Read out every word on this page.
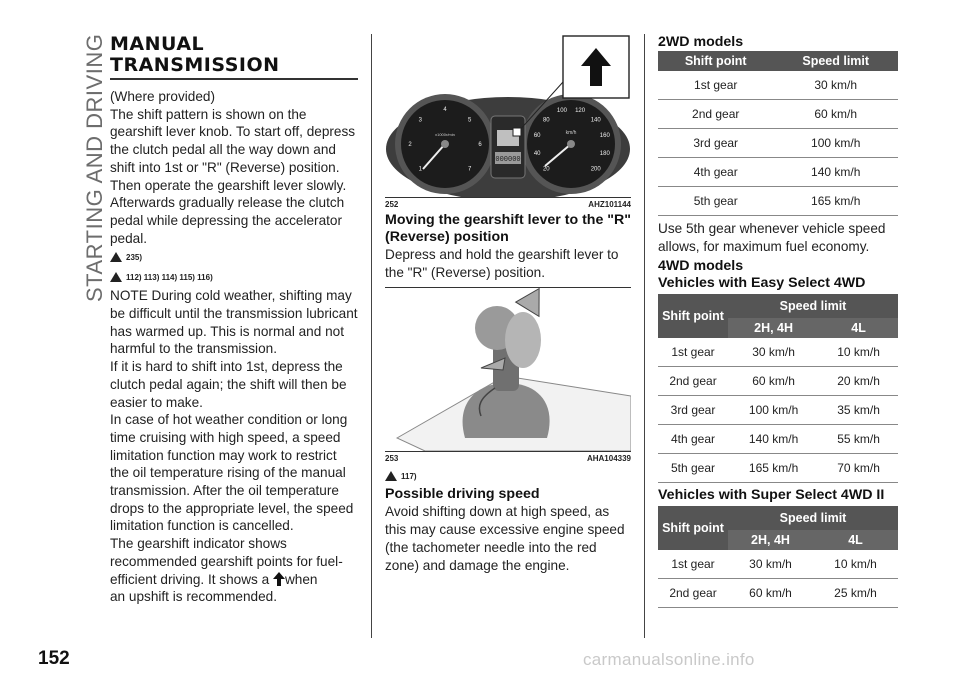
STARTING AND DRIVING MANUAL
TRANSMISSION

(Where provided)
The shift pattern is shown on the gearshift lever knob. To start off, depress the clutch pedal all the way down and shift into 1st or "R" (Reverse) position. Then operate the gearshift lever slowly. Afterwards gradually release the clutch pedal while depressing the accelerator pedal.

235)
112) 113) 114) 115) 116)

NOTE During cold weather, shifting may be difficult until the transmission lubricant has warmed up. This is normal and not harmful to the transmission.
If it is hard to shift into 1st, depress the clutch pedal again; the shift will then be easier to make.
In case of hot weather condition or long time cruising with high speed, a speed limitation function may work to restrict the oil temperature rising of the manual transmission. After the oil temperature drops to the appropriate level, the speed limitation function is cancelled.
The gearshift indicator shows recommended gearshift points for fuel-efficient driving. It shows a when
an upshift is recommended.

000000
1
2
3
4
5
6
7	20
40
60
80
100 120
140
160
180
200
x1000r/min	km/h
252	AHZ101144
Moving the gearshift lever to the "R" (Reverse) position

Depress and hold the gearshift lever to the "R" (Reverse) position.

253	AHA104339
117)
Possible driving speed

Avoid shifting down at high speed, as this may cause excessive engine speed (the tachometer needle into the red zone) and damage the engine.

2WD models
Shift point	Speed limit
1st gear	30 km/h
2nd gear	60 km/h
3rd gear	100 km/h
4th gear	140 km/h
5th gear	165 km/h

Use 5th gear whenever vehicle speed allows, for maximum fuel economy.

4WD models
Vehicles with Easy Select 4WD
Shift point	Speed limit	
	2H, 4H	4L
1st gear	30 km/h	10 km/h
2nd gear	60 km/h	20 km/h
3rd gear	100 km/h	35 km/h
4th gear	140 km/h	55 km/h
5th gear	165 km/h	70 km/h
Vehicles with Super Select 4WD II
Shift point	Speed limit	
	2H, 4H	4L
1st gear	30 km/h	10 km/h
2nd gear	60 km/h	25 km/h
152	carmanualsonline.info
